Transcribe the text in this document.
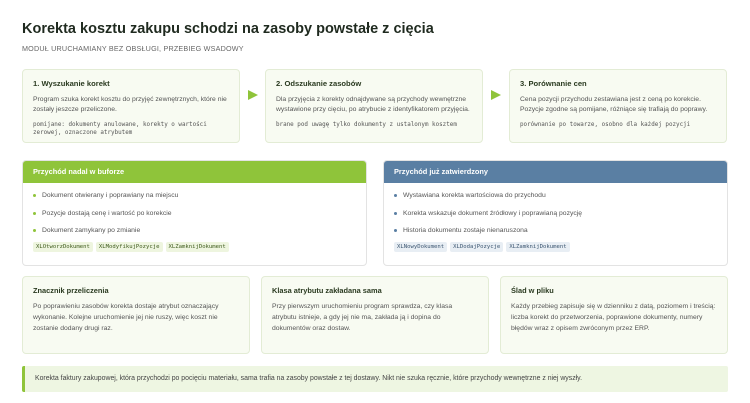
Korekta kosztu zakupu schodzi na zasoby powstałe z cięcia
MODUŁ URUCHAMIANY BEZ OBSŁUGI, PRZEBIEG WSADOWY
1. Wyszukanie korekt

Program szuka korekt kosztu do przyjęć zewnętrznych, które nie zostały jeszcze przeliczone.

pomijane: dokumenty anulowane, korekty o wartości zerowej, oznaczone atrybutem
2. Odszukanie zasobów

Dla przyjęcia z korekty odnajdywane są przychody wewnętrzne wystawione przy cięciu, po atrybucie z identyfikatorem przyjęcia.

brane pod uwagę tylko dokumenty z ustalonym kosztem
3. Porównanie cen

Cena pozycji przychodu zestawiana jest z ceną po korekcie. Pozycje zgodne są pomijane, różniące się trafiają do poprawy.

porównanie po towarze, osobno dla każdej pozycji
Przychód nadal w buforze
Dokument otwierany i poprawiany na miejscu
Pozycje dostają cenę i wartość po korekcie
Dokument zamykany po zmianie
XLOtworzDokument XLModyfikujPozycje XLZamknijDokument
Przychód już zatwierdzony
Wystawiana korekta wartościowa do przychodu
Korekta wskazuje dokument źródłowy i poprawianą pozycję
Historia dokumentu zostaje nienaruszona
XLNowyDokument XLDodajPozycje XLZamknijDokument
Znacznik przeliczenia

Po poprawieniu zasobów korekta dostaje atrybut oznaczający wykonanie. Kolejne uruchomienie jej nie ruszy, więc koszt nie zostanie dodany drugi raz.

Klasa atrybutu zakładana sama

Przy pierwszym uruchomieniu program sprawdza, czy klasa atrybutu istnieje, a gdy jej nie ma, zakłada ją i dopina do dokumentów oraz dostaw.

Ślad w pliku

Każdy przebieg zapisuje się w dzienniku z datą, poziomem i treścią: liczba korekt do przetworzenia, poprawione dokumenty, numery błędów wraz z opisem zwróconym przez ERP.

Korekta faktury zakupowej, która przychodzi po pocięciu materiału, sama trafia na zasoby powstałe z tej dostawy. Nikt nie szuka ręcznie, które przychody wewnętrzne z niej wyszły.
